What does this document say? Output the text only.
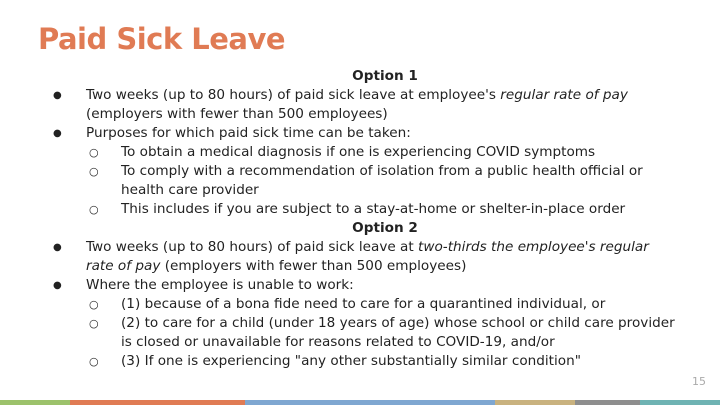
Paid Sick Leave
Option 1
● Two weeks (up to 80 hours) of paid sick leave at employee's regular rate of pay (employers with fewer than 500 employees)
● Purposes for which paid sick time can be taken:
○ To obtain a medical diagnosis if one is experiencing COVID symptoms
○ To comply with a recommendation of isolation from a public health official or health care provider
○ This includes if you are subject to a stay-at-home or shelter-in-place order
Option 2
● Two weeks (up to 80 hours) of paid sick leave at two-thirds the employee's regular rate of pay (employers with fewer than 500 employees)
● Where the employee is unable to work:
○ (1) because of a bona fide need to care for a quarantined individual, or
○ (2) to care for a child (under 18 years of age) whose school or child care provider is closed or unavailable for reasons related to COVID-19, and/or
○ (3) If one is experiencing "any other substantially similar condition"
15
